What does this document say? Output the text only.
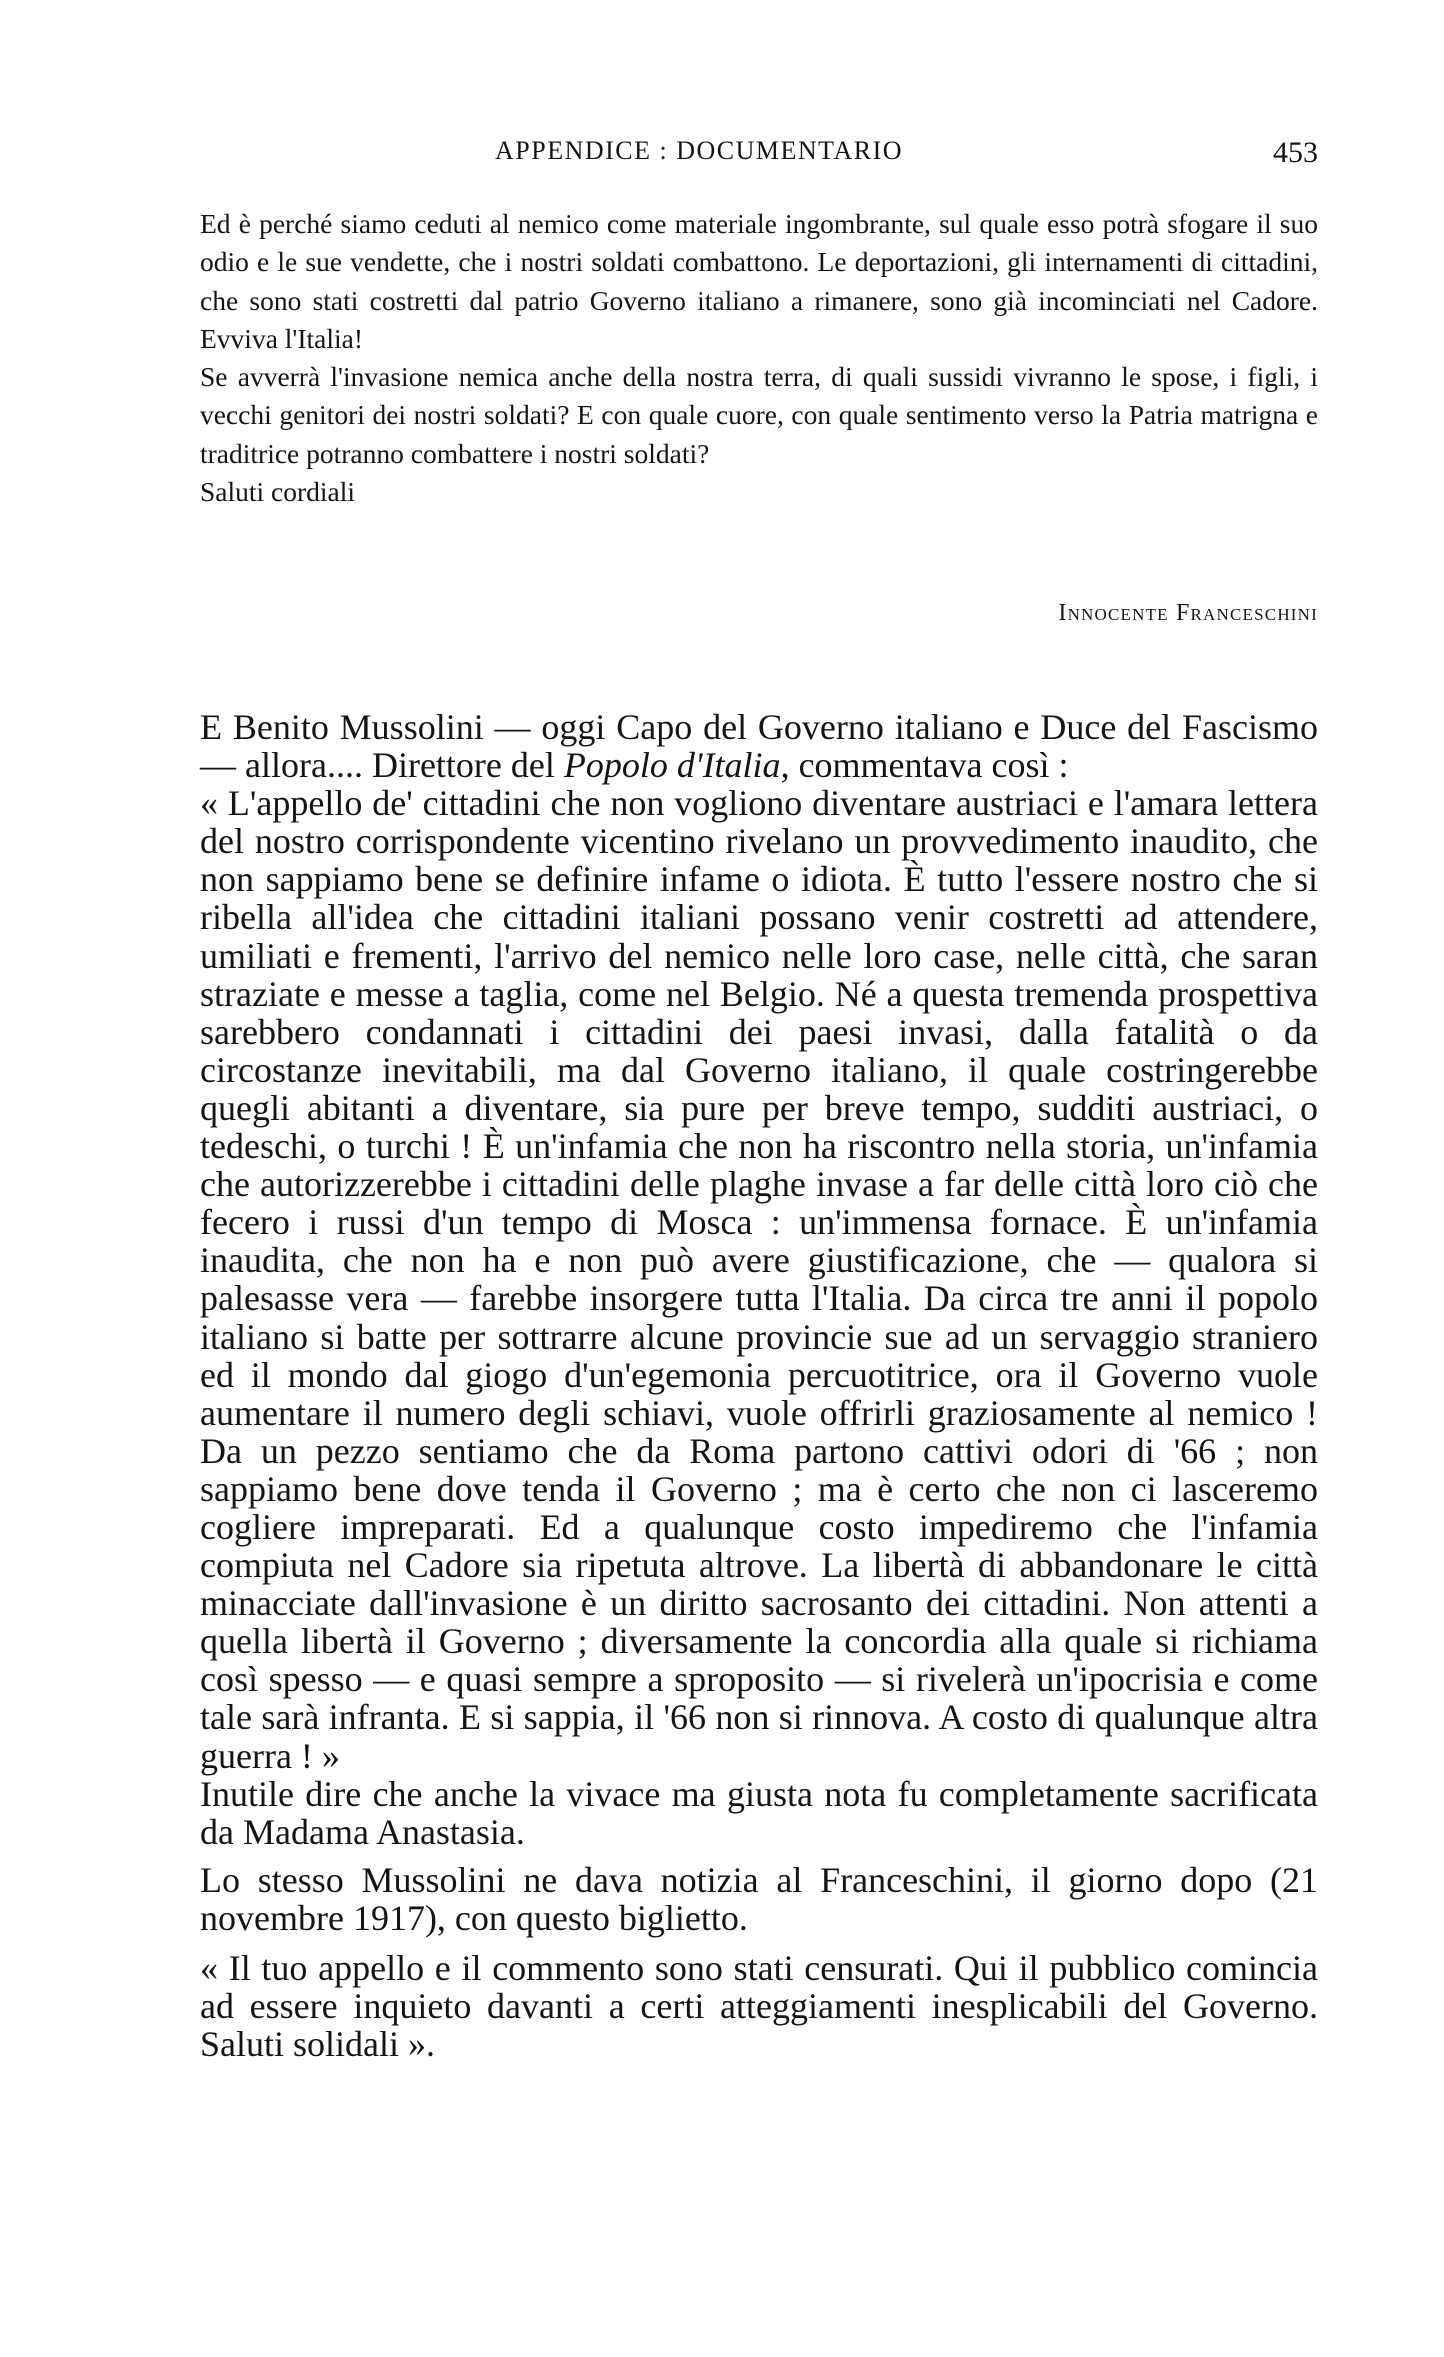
APPENDICE : DOCUMENTARIO	453

Ed è perché siamo ceduti al nemico come materiale ingombrante, sul quale esso potrà sfogare il suo odio e le sue vendette, che i nostri soldati combattono. Le deportazioni, gli internamenti di cittadini, che sono stati costretti dal patrio Governo italiano a rimanere, sono già incominciati nel Cadore. Evviva l'Italia!

Se avverrà l'invasione nemica anche della nostra terra, di quali sussidi vivranno le spose, i figli, i vecchi genitori dei nostri soldati? E con quale cuore, con quale sentimento verso la Patria matrigna e traditrice potranno combattere i nostri soldati?

Saluti cordiali

Innocente Franceschini

E Benito Mussolini — oggi Capo del Governo italiano e Duce del Fascismo — allora.... Direttore del Popolo d'Italia, commentava così :

« L'appello de' cittadini che non vogliono diventare austriaci e l'amara lettera del nostro corrispondente vicentino rivelano un provvedimento inaudito, che non sappiamo bene se definire infame o idiota. È tutto l'essere nostro che si ribella all'idea che cittadini italiani possano venir costretti ad attendere, umiliati e frementi, l'arrivo del nemico nelle loro case, nelle città, che saran straziate e messe a taglia, come nel Belgio. Né a questa tremenda prospettiva sarebbero condannati i cittadini dei paesi invasi, dalla fatalità o da circostanze inevitabili, ma dal Governo italiano, il quale costringerebbe quegli abitanti a diventare, sia pure per breve tempo, sudditi austriaci, o tedeschi, o turchi ! È un'infamia che non ha riscontro nella storia, un'infamia che autorizzerebbe i cittadini delle plaghe invase a far delle città loro ciò che fecero i russi d'un tempo di Mosca : un'immensa fornace. È un'infamia inaudita, che non ha e non può avere giustificazione, che — qualora si palesasse vera — farebbe insorgere tutta l'Italia. Da circa tre anni il popolo italiano si batte per sottrarre alcune provincie sue ad un servaggio straniero ed il mondo dal giogo d'un'egemonia percuotitrice, ora il Governo vuole aumentare il numero degli schiavi, vuole offrirli graziosamente al nemico ! Da un pezzo sentiamo che da Roma partono cattivi odori di '66 ; non sappiamo bene dove tenda il Governo ; ma è certo che non ci lasceremo cogliere impreparati. Ed a qualunque costo impediremo che l'infamia compiuta nel Cadore sia ripetuta altrove. La libertà di abbandonare le città minacciate dall'invasione è un diritto sacrosanto dei cittadini. Non attenti a quella libertà il Governo ; diversamente la concordia alla quale si richiama così spesso — e quasi sempre a sproposito — si rivelerà un'ipocrisia e come tale sarà infranta. E si sappia, il '66 non si rinnova. A costo di qualunque altra guerra ! »

Inutile dire che anche la vivace ma giusta nota fu completamente sacrificata da Madama Anastasia.

Lo stesso Mussolini ne dava notizia al Franceschini, il giorno dopo (21 novembre 1917), con questo biglietto.

« Il tuo appello e il commento sono stati censurati. Qui il pubblico comincia ad essere inquieto davanti a certi atteggiamenti inesplicabili del Governo. Saluti solidali ».
